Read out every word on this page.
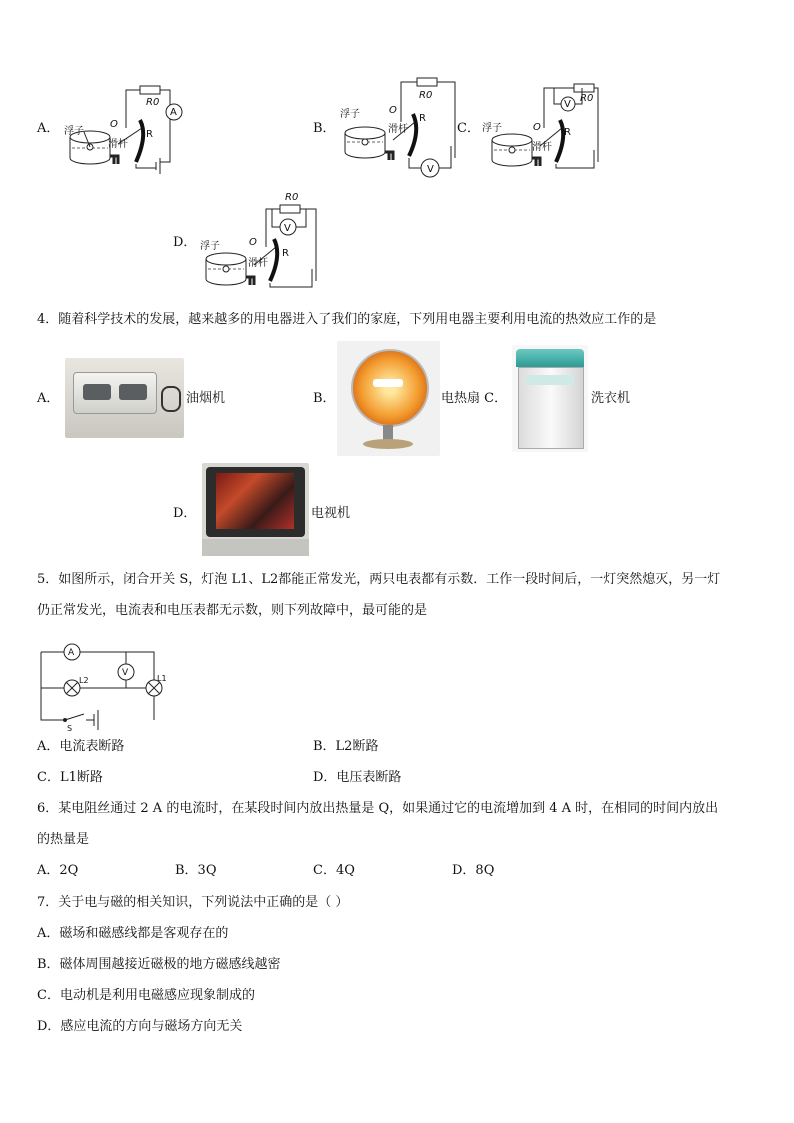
A． 浮子
滑杆
O
R
R0
A
B．
浮子
滑杆
O
R
R0
V
C． 浮子
滑杆
O R
R0
V
D． 浮子
滑杆
O
R
R0
V
4．随着科学技术的发展，越来越多的用电器进入了我们的家庭，下列用电器主要利用电流的热效应工作的是
A．	油烟机	B．	电热扇 C．	洗衣机
D．	电视机
5．如图所示，闭合开关 S，灯泡 L1、L2都能正常发光，两只电表都有示数．工作一段时间后，一灯突然熄灭，另一灯
仍正常发光，电流表和电压表都无示数，则下列故障中，最可能的是
A
V
L2	L1
S
A．电流表断路	B．L2断路
C．L1断路	D．电压表断路
6．某电阻丝通过 2 A 的电流时，在某段时间内放出热量是 Q，如果通过它的电流增加到 4 A 时，在相同的时间内放出
的热量是
A．2Q	B．3Q	C．4Q	D．8Q
7．关于电与磁的相关知识，下列说法中正确的是（ ）
A．磁场和磁感线都是客观存在的
B．磁体周围越接近磁极的地方磁感线越密
C．电动机是利用电磁感应现象制成的
D．感应电流的方向与磁场方向无关
